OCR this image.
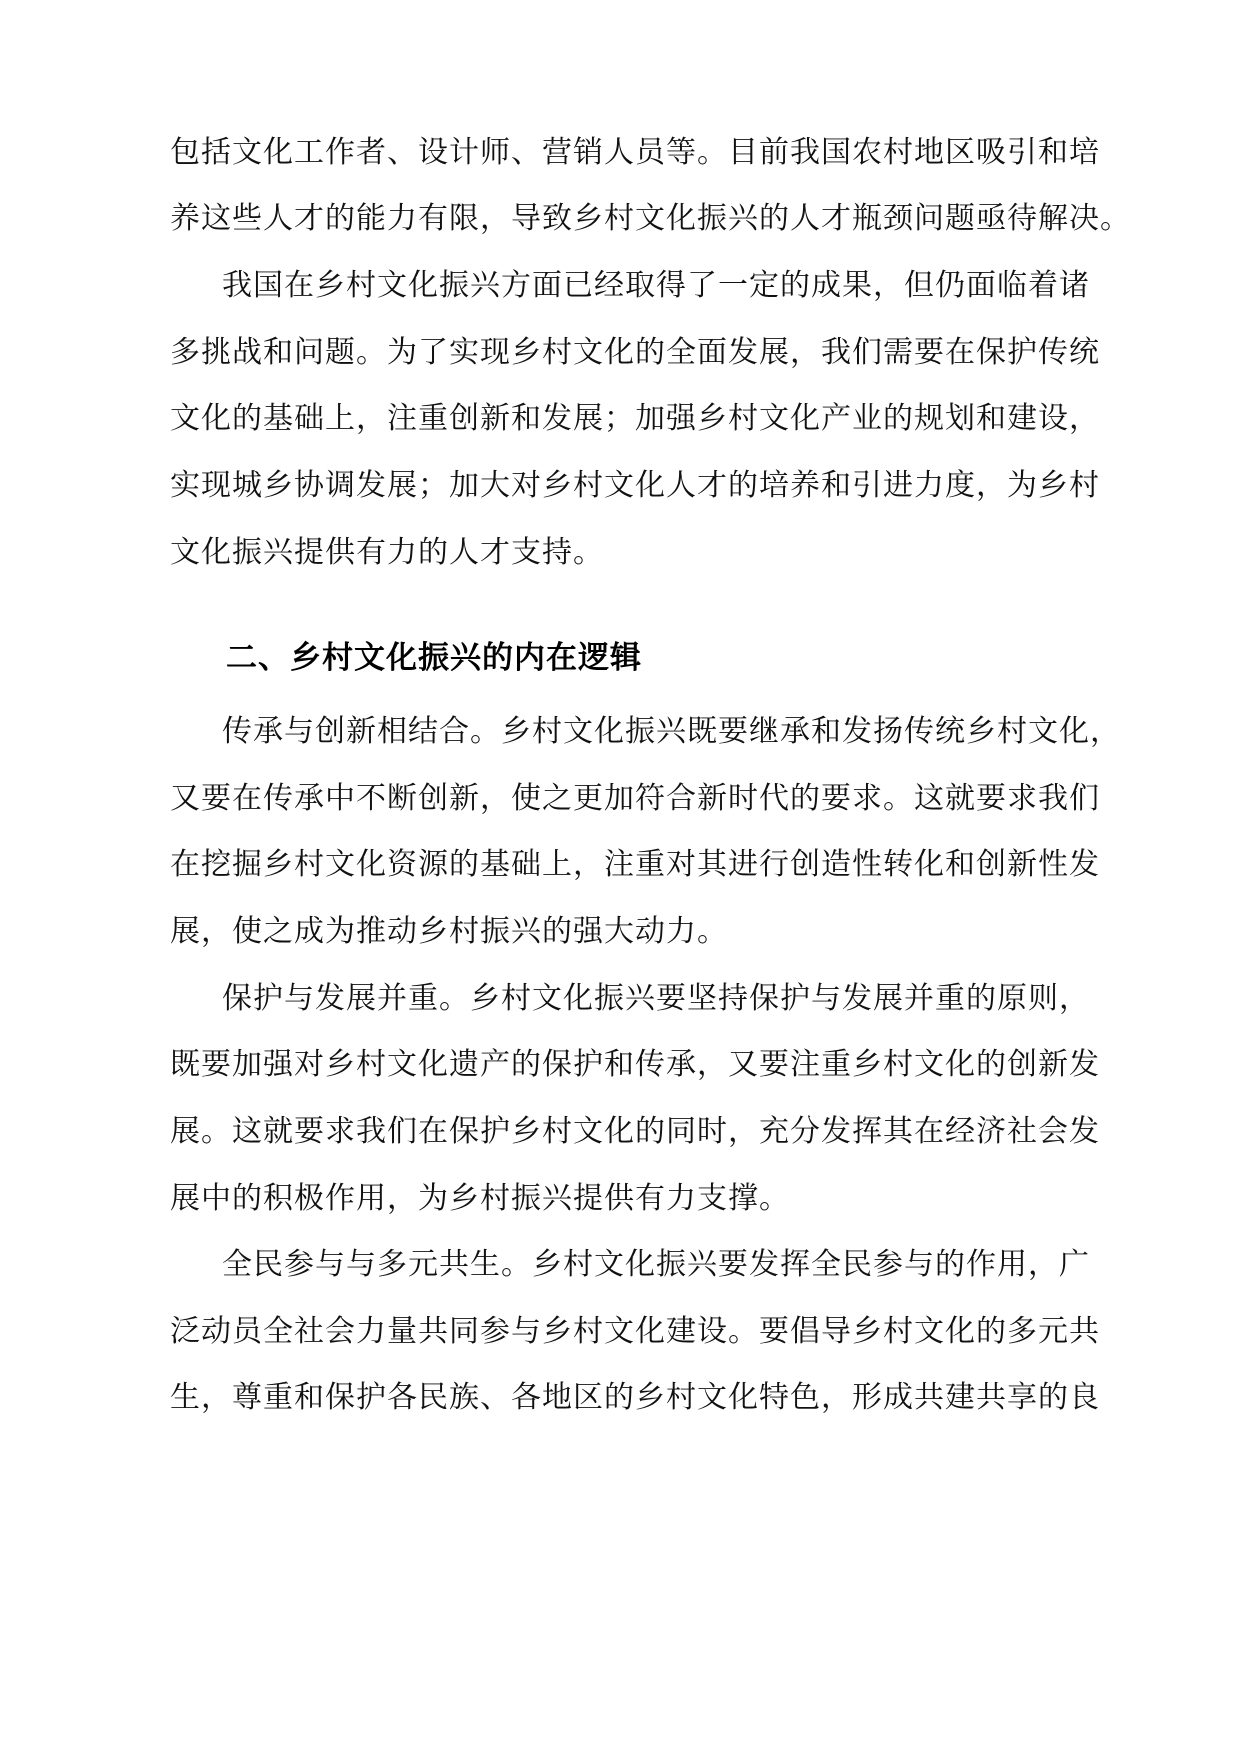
包括文化工作者、设计师、营销人员等。目前我国农村地区吸引和培
养这些人才的能力有限，导致乡村文化振兴的人才瓶颈问题亟待解决。
我国在乡村文化振兴方面已经取得了一定的成果，但仍面临着诸
多挑战和问题。为了实现乡村文化的全面发展，我们需要在保护传统
文化的基础上，注重创新和发展；加强乡村文化产业的规划和建设，
实现城乡协调发展；加大对乡村文化人才的培养和引进力度，为乡村
文化振兴提供有力的人才支持。
二、乡村文化振兴的内在逻辑
传承与创新相结合。乡村文化振兴既要继承和发扬传统乡村文化，
又要在传承中不断创新，使之更加符合新时代的要求。这就要求我们
在挖掘乡村文化资源的基础上，注重对其进行创造性转化和创新性发
展，使之成为推动乡村振兴的强大动力。
保护与发展并重。乡村文化振兴要坚持保护与发展并重的原则，
既要加强对乡村文化遗产的保护和传承，又要注重乡村文化的创新发
展。这就要求我们在保护乡村文化的同时，充分发挥其在经济社会发
展中的积极作用，为乡村振兴提供有力支撑。
全民参与与多元共生。乡村文化振兴要发挥全民参与的作用，广
泛动员全社会力量共同参与乡村文化建设。要倡导乡村文化的多元共
生，尊重和保护各民族、各地区的乡村文化特色，形成共建共享的良
